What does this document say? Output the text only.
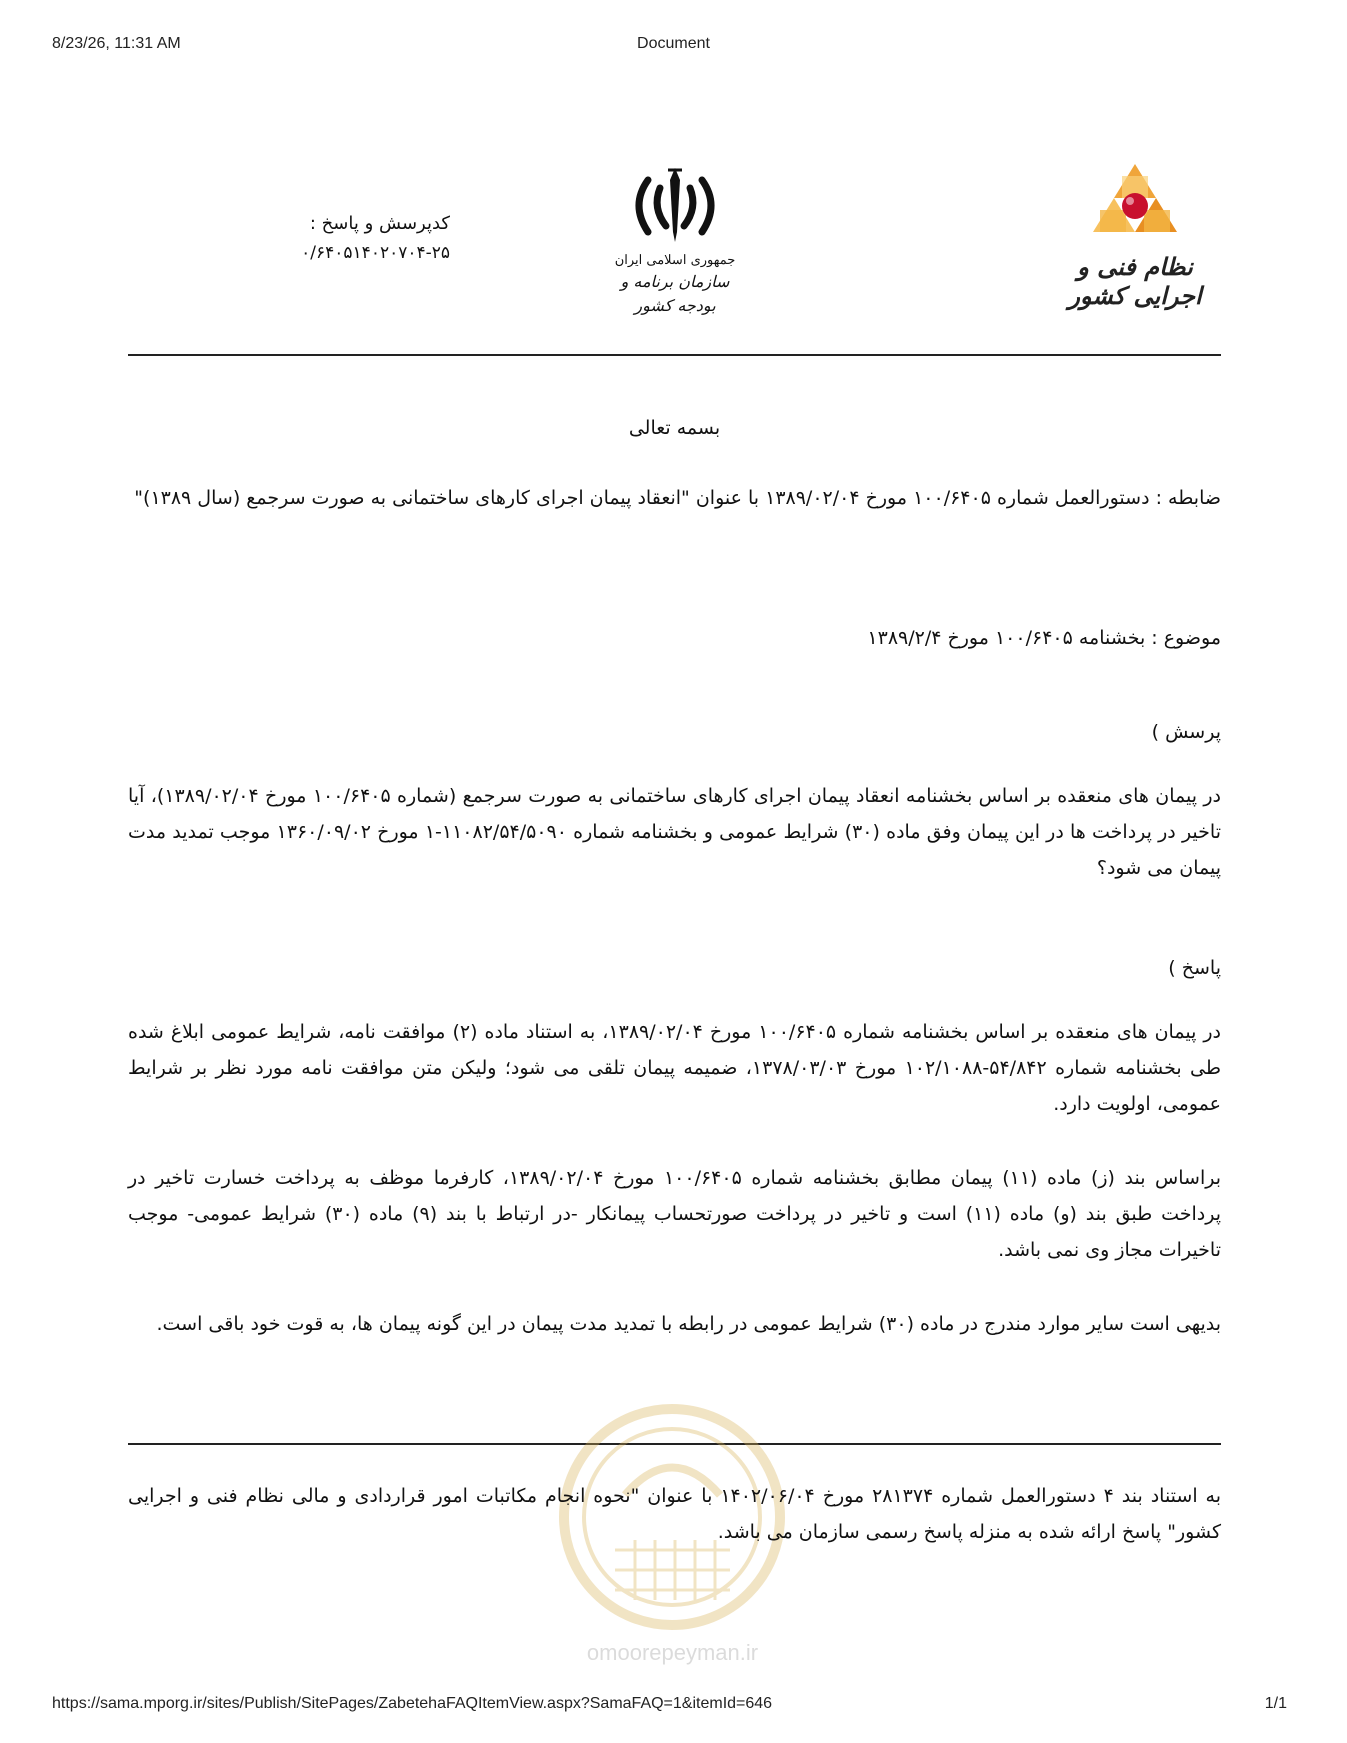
8/23/26, 11:31 AM	Document
کدپرسش و پاسخ :
۰/۶۴۰۵۱۴۰۲۰۷۰۴-۲۵	جمهوری اسلامی ایران
سازمان برنامه و بودجه کشور
نظام فنی و اجرایی کشور
بسمه تعالی

ضابطه : دستورالعمل شماره ۱۰۰/۶۴۰۵ مورخ ۱۳۸۹/۰۲/۰۴ با عنوان "انعقاد پیمان اجرای کارهای ساختمانی به صورت سرجمع (سال ۱۳۸۹)"

موضوع : بخشنامه ۱۰۰/۶۴۰۵ مورخ ۱۳۸۹/۲/۴

پرسش )

در پیمان های منعقده بر اساس بخشنامه انعقاد پیمان اجرای کارهای ساختمانی به صورت سرجمع (شماره ۱۰۰/۶۴۰۵ مورخ ۱۳۸۹/۰۲/۰۴)، آیا تاخیر در پرداخت ها در این پیمان وفق ماده (۳۰) شرایط عمومی و بخشنامه شماره ۱۱۰۸۲/۵۴/۵۰۹۰-۱ مورخ ۱۳۶۰/۰۹/۰۲ موجب تمدید مدت پیمان می شود؟

پاسخ )

در پیمان های منعقده بر اساس بخشنامه شماره ۱۰۰/۶۴۰۵ مورخ ۱۳۸۹/۰۲/۰۴، به استناد ماده (۲) موافقت نامه، شرایط عمومی ابلاغ شده طی بخشنامه شماره ۵۴/۸۴۲-۱۰۲/۱۰۸۸ مورخ ۱۳۷۸/۰۳/۰۳، ضمیمه پیمان تلقی می شود؛ ولیکن متن موافقت نامه مورد نظر بر شرایط عمومی، اولویت دارد.

براساس بند (ز) ماده (۱۱) پیمان مطابق بخشنامه شماره ۱۰۰/۶۴۰۵ مورخ ۱۳۸۹/۰۲/۰۴، کارفرما موظف به پرداخت خسارت تاخیر در پرداخت طبق بند (و) ماده (۱۱) است و تاخیر در پرداخت صورتحساب پیمانکار -در ارتباط با بند (۹) ماده (۳۰) شرایط عمومی- موجب تاخیرات مجاز وی نمی باشد.

بدیهی است سایر موارد مندرج در ماده (۳۰) شرایط عمومی در رابطه با تمدید مدت پیمان در این گونه پیمان ها، به قوت خود باقی است.

omoorepeyman.ir

به استناد بند ۴ دستورالعمل شماره ۲۸۱۳۷۴ مورخ ۱۴۰۲/۰۶/۰۴ با عنوان "نحوه انجام مکاتبات امور قراردادی و مالی نظام فنی و اجرایی کشور" پاسخ ارائه شده به منزله پاسخ رسمی سازمان می باشد.

https://sama.mporg.ir/sites/Publish/SitePages/ZabetehaFAQItemView.aspx?SamaFAQ=1&itemId=646	1/1
